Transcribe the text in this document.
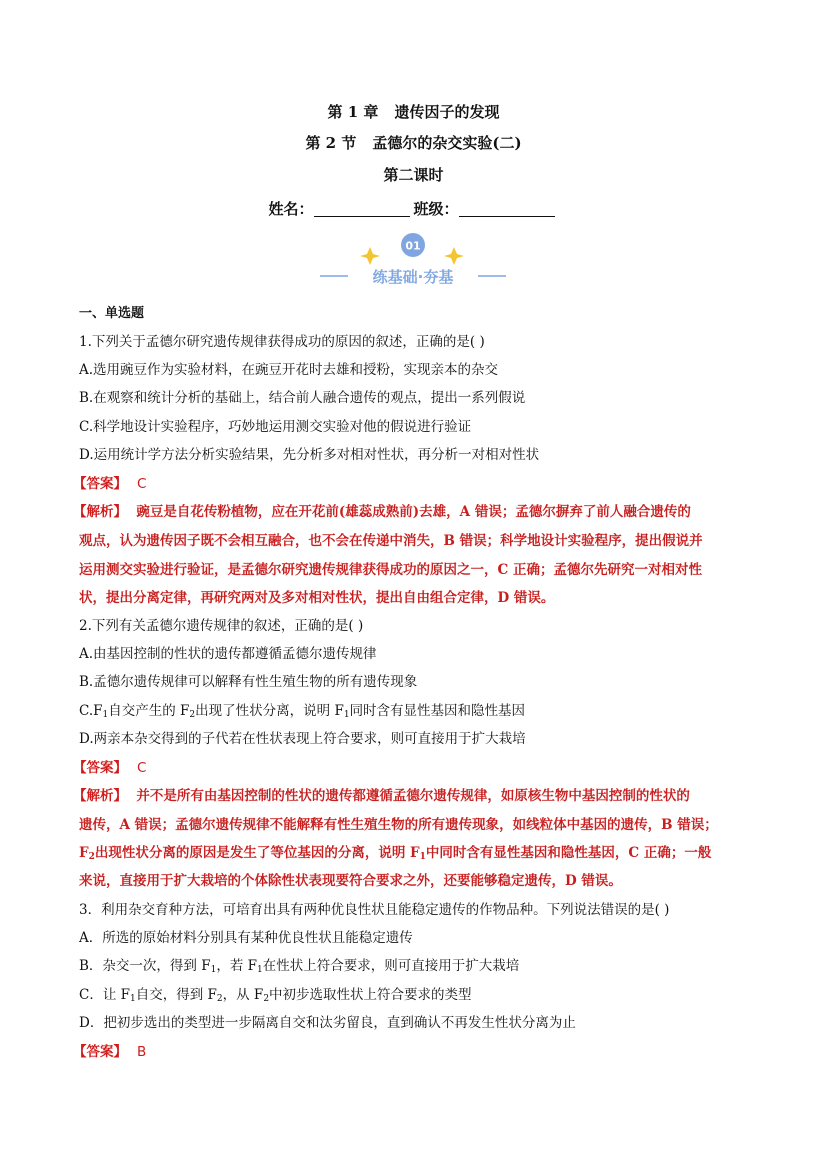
第 1 章 遗传因子的发现
第 2 节 孟德尔的杂交实验(二)
第二课时
姓名：	班级：
01
练基础·夯基
一、单选题
1.下列关于孟德尔研究遗传规律获得成功的原因的叙述，正确的是( )
A.选用豌豆作为实验材料，在豌豆开花时去雄和授粉，实现亲本的杂交
B.在观察和统计分析的基础上，结合前人融合遗传的观点，提出一系列假说
C.科学地设计实验程序，巧妙地运用测交实验对他的假说进行验证
D.运用统计学方法分析实验结果，先分析多对相对性状，再分析一对相对性状
【答案】 C
【解析】 豌豆是自花传粉植物，应在开花前(雄蕊成熟前)去雄，A 错误；孟德尔摒弃了前人融合遗传的
观点，认为遗传因子既不会相互融合，也不会在传递中消失，B 错误；科学地设计实验程序，提出假说并
运用测交实验进行验证，是孟德尔研究遗传规律获得成功的原因之一，C 正确；孟德尔先研究一对相对性
状，提出分离定律，再研究两对及多对相对性状，提出自由组合定律，D 错误。
2.下列有关孟德尔遗传规律的叙述，正确的是( )
A.由基因控制的性状的遗传都遵循孟德尔遗传规律
B.孟德尔遗传规律可以解释有性生殖生物的所有遗传现象
$C.F_1$自交产生的 $F_2$出现了性状分离，说明 $F_1$同时含有显性基因和隐性基因
D.两亲本杂交得到的子代若在性状表现上符合要求，则可直接用于扩大栽培
【答案】 C
【解析】 并不是所有由基因控制的性状的遗传都遵循孟德尔遗传规律，如原核生物中基因控制的性状的
遗传，A 错误；孟德尔遗传规律不能解释有性生殖生物的所有遗传现象，如线粒体中基因的遗传，B 错误；
$F_2$出现性状分离的原因是发生了等位基因的分离，说明 $F_1$中同时含有显性基因和隐性基因，C 正确；一般
来说，直接用于扩大栽培的个体除性状表现要符合要求之外，还要能够稳定遗传，D 错误。
3．利用杂交育种方法，可培育出具有两种优良性状且能稳定遗传的作物品种。下列说法错误的是( )
A．所选的原始材料分别具有某种优良性状且能稳定遗传
B．杂交一次，得到 $F_1$，若 $F_1$在性状上符合要求，则可直接用于扩大栽培
C．让 $F_1$自交，得到 $F_2$，从 $F_2$中初步选取性状上符合要求的类型
D．把初步选出的类型进一步隔离自交和汰劣留良，直到确认不再发生性状分离为止
【答案】 B
